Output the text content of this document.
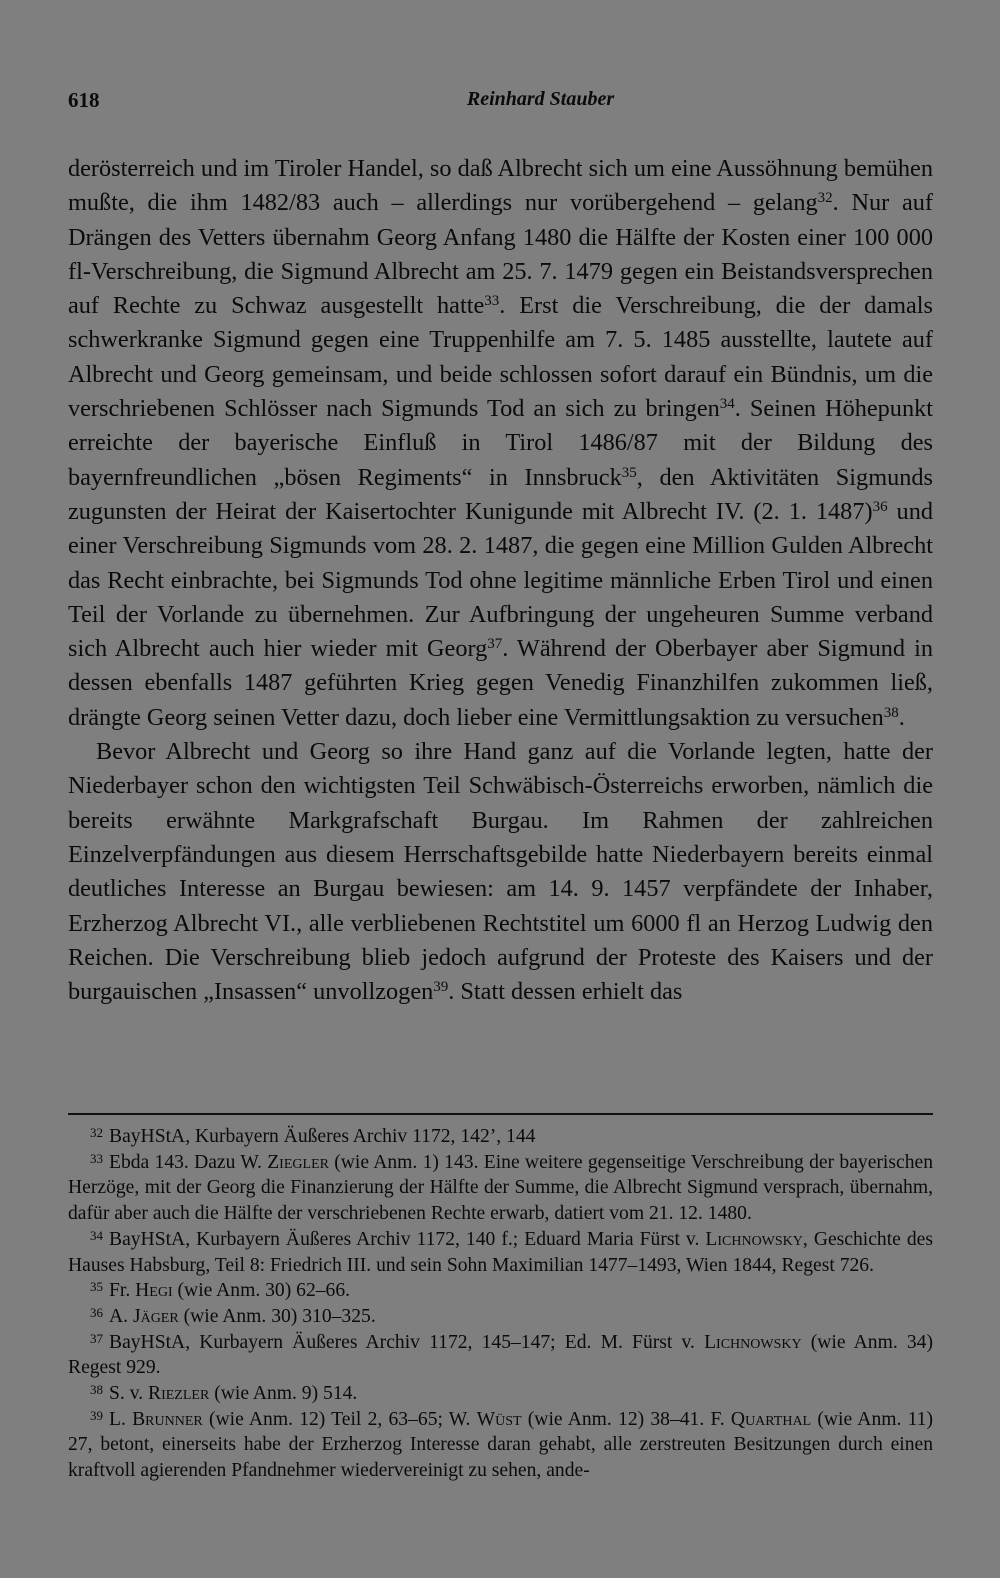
618	Reinhard Stauber

derösterreich und im Tiroler Handel, so daß Albrecht sich um eine Aussöhnung bemühen mußte, die ihm 1482/83 auch – allerdings nur vorübergehend – gelang$^{32}$. Nur auf Drängen des Vetters übernahm Georg Anfang 1480 die Hälfte der Kosten einer 100 000 fl-Verschreibung, die Sigmund Albrecht am 25. 7. 1479 gegen ein Beistandsversprechen auf Rechte zu Schwaz ausgestellt hatte$^{33}$. Erst die Verschreibung, die der damals schwerkranke Sigmund gegen eine Truppenhilfe am 7. 5. 1485 ausstellte, lautete auf Albrecht und Georg gemeinsam, und beide schlossen sofort darauf ein Bündnis, um die verschriebenen Schlösser nach Sigmunds Tod an sich zu bringen$^{34}$. Seinen Höhepunkt erreichte der bayerische Einfluß in Tirol 1486/87 mit der Bildung des bayernfreundlichen „bösen Regiments“ in Innsbruck$^{35}$, den Aktivitäten Sigmunds zugunsten der Heirat der Kaisertochter Kunigunde mit Albrecht IV. (2. 1. 1487)$^{36}$ und einer Verschreibung Sigmunds vom 28. 2. 1487, die gegen eine Million Gulden Albrecht das Recht einbrachte, bei Sigmunds Tod ohne legitime männliche Erben Tirol und einen Teil der Vorlande zu übernehmen. Zur Aufbringung der ungeheuren Summe verband sich Albrecht auch hier wieder mit Georg$^{37}$. Während der Oberbayer aber Sigmund in dessen ebenfalls 1487 geführten Krieg gegen Venedig Finanzhilfen zukommen ließ, drängte Georg seinen Vetter dazu, doch lieber eine Vermittlungsaktion zu versuchen$^{38}$.

Bevor Albrecht und Georg so ihre Hand ganz auf die Vorlande legten, hatte der Niederbayer schon den wichtigsten Teil Schwäbisch-Österreichs erworben, nämlich die bereits erwähnte Markgrafschaft Burgau. Im Rahmen der zahlreichen Einzelverpfändungen aus diesem Herrschaftsgebilde hatte Niederbayern bereits einmal deutliches Interesse an Burgau bewiesen: am 14. 9. 1457 verpfändete der Inhaber, Erzherzog Albrecht VI., alle verbliebenen Rechtstitel um 6000 fl an Herzog Ludwig den Reichen. Die Verschreibung blieb jedoch aufgrund der Proteste des Kaisers und der burgauischen „Insassen“ unvollzogen$^{39}$. Statt dessen erhielt das

$^{32}$ BayHStA, Kurbayern Äußeres Archiv 1172, 142’, 144

$^{33}$ Ebda 143. Dazu W. Ziegler (wie Anm. 1) 143. Eine weitere gegenseitige Verschreibung der bayerischen Herzöge, mit der Georg die Finanzierung der Hälfte der Summe, die Albrecht Sigmund versprach, übernahm, dafür aber auch die Hälfte der verschriebenen Rechte erwarb, datiert vom 21. 12. 1480.

$^{34}$ BayHStA, Kurbayern Äußeres Archiv 1172, 140 f.; Eduard Maria Fürst v. Lichnowsky, Geschichte des Hauses Habsburg, Teil 8: Friedrich III. und sein Sohn Maximilian 1477–1493, Wien 1844, Regest 726.

$^{35}$ Fr. Hegi (wie Anm. 30) 62–66.

$^{36}$ A. Jäger (wie Anm. 30) 310–325.

$^{37}$ BayHStA, Kurbayern Äußeres Archiv 1172, 145–147; Ed. M. Fürst v. Lichnowsky (wie Anm. 34) Regest 929.

$^{38}$ S. v. Riezler (wie Anm. 9) 514.

$^{39}$ L. Brunner (wie Anm. 12) Teil 2, 63–65; W. Wüst (wie Anm. 12) 38–41. F. Quarthal (wie Anm. 11) 27, betont, einerseits habe der Erzherzog Interesse daran gehabt, alle zerstreuten Besitzungen durch einen kraftvoll agierenden Pfandnehmer wiedervereinigt zu sehen, ande-
